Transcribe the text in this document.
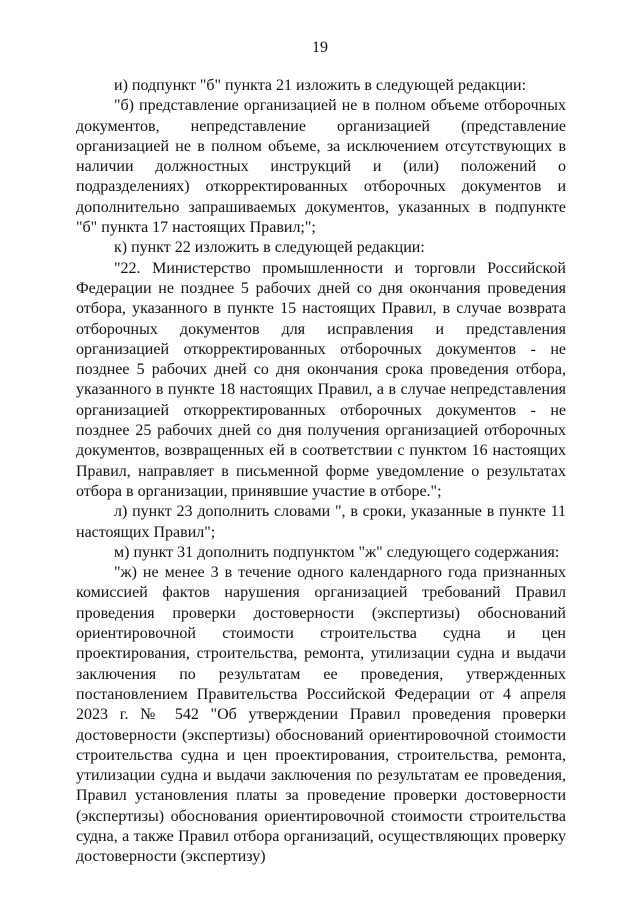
19

и) подпункт "б" пункта 21 изложить в следующей редакции:

"б) представление организацией не в полном объеме отборочных документов, непредставление организацией (представление организацией не в полном объеме, за исключением отсутствующих в наличии должностных инструкций и (или) положений о подразделениях) откорректированных отборочных документов и дополнительно запрашиваемых документов, указанных в подпункте "б" пункта 17 настоящих Правил;";

к) пункт 22 изложить в следующей редакции:

"22. Министерство промышленности и торговли Российской Федерации не позднее 5 рабочих дней со дня окончания проведения отбора, указанного в пункте 15 настоящих Правил, в случае возврата отборочных документов для исправления и представления организацией откорректированных отборочных документов - не позднее 5 рабочих дней со дня окончания срока проведения отбора, указанного в пункте 18 настоящих Правил, а в случае непредставления организацией откорректированных отборочных документов - не позднее 25 рабочих дней со дня получения организацией отборочных документов, возвращенных ей в соответствии с пунктом 16 настоящих Правил, направляет в письменной форме уведомление о результатах отбора в организации, принявшие участие в отборе.";

л) пункт 23 дополнить словами ", в сроки, указанные в пункте 11 настоящих Правил";

м) пункт 31 дополнить подпунктом "ж" следующего содержания:

"ж) не менее 3 в течение одного календарного года признанных комиссией фактов нарушения организацией требований Правил проведения проверки достоверности (экспертизы) обоснований ориентировочной стоимости строительства судна и цен проектирования, строительства, ремонта, утилизации судна и выдачи заключения по результатам ее проведения, утвержденных постановлением Правительства Российской Федерации от 4 апреля 2023 г. № 542 "Об утверждении Правил проведения проверки достоверности (экспертизы) обоснований ориентировочной стоимости строительства судна и цен проектирования, строительства, ремонта, утилизации судна и выдачи заключения по результатам ее проведения, Правил установления платы за проведение проверки достоверности (экспертизы) обоснования ориентировочной стоимости строительства судна, а также Правил отбора организаций, осуществляющих проверку достоверности (экспертизу)
